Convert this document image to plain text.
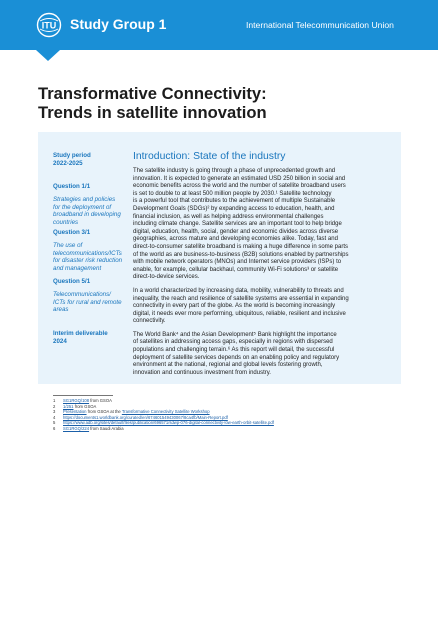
ITU Study Group 1	International Telecommunication Union
Transformative Connectivity:
Trends in satellite innovation
Study period
2022-2025
Question 1/1
Strategies and policies
for the deployment of
broadband in developing
countries
Question 3/1
The use of
telecommunications/ICTs
for disaster risk reduction
and management
Question 5/1
Telecommunications/
ICTs for rural and remote
areas
Interim deliverable
2024
Introduction: State of the industry

The satellite industry is going through a phase of unprecedented growth and
innovation. It is expected to generate an estimated USD 250 billion in social and
economic benefits across the world and the number of satellite broadband users
is set to double to at least 500 million people by 2030.¹ Satellite technology
is a powerful tool that contributes to the achievement of multiple Sustainable
Development Goals (SDGs)² by expanding access to education, health, and
financial inclusion, as well as helping address environmental challenges
including climate change. Satellite services are an important tool to help bridge
digital, education, health, social, gender and economic divides across diverse
geographies, across mature and developing economies alike. Today, fast and
direct-to-consumer satellite broadband is making a huge difference in some parts
of the world as are business-to-business (B2B) solutions enabled by partnerships
with mobile network operators (MNOs) and Internet service providers (ISPs) to
enable, for example, cellular backhaul, community Wi-Fi solutions³ or satellite
direct-to-device services.

In a world characterized by increasing data, mobility, vulnerability to threats and
inequality, the reach and resilience of satellite systems are essential in expanding
connectivity in every part of the globe. As the world is becoming increasingly
digital, it needs ever more performing, ubiquitous, reliable, resilient and inclusive
connectivity.

The World Bank⁴ and the Asian Development⁵ Bank highlight the importance
of satellites in addressing access gaps, especially in regions with dispersed
populations and challenging terrain.⁶ As this report will detail, the successful
deployment of satellite services depends on an enabling policy and regulatory
environment at the national, regional and global levels fostering growth,
innovation and continuous investment from industry.

1 SG1RGQ/108 from GSOA
2 1/251 from GSOA
3 Presentation from GSOA at the Transformative Connectivity Satellite Workshop
4 https://documents1.worldbank.org/curated/en/674601549430067/8ca4fb/Main-Report.pdf
5 https://www.adb.org/sites/default/files/publication/696571/sdwp-076-digital-connectivity-low-earth-orbit-satellite.pdf
6 SG1RGQ/224 from Saudi Arabia
